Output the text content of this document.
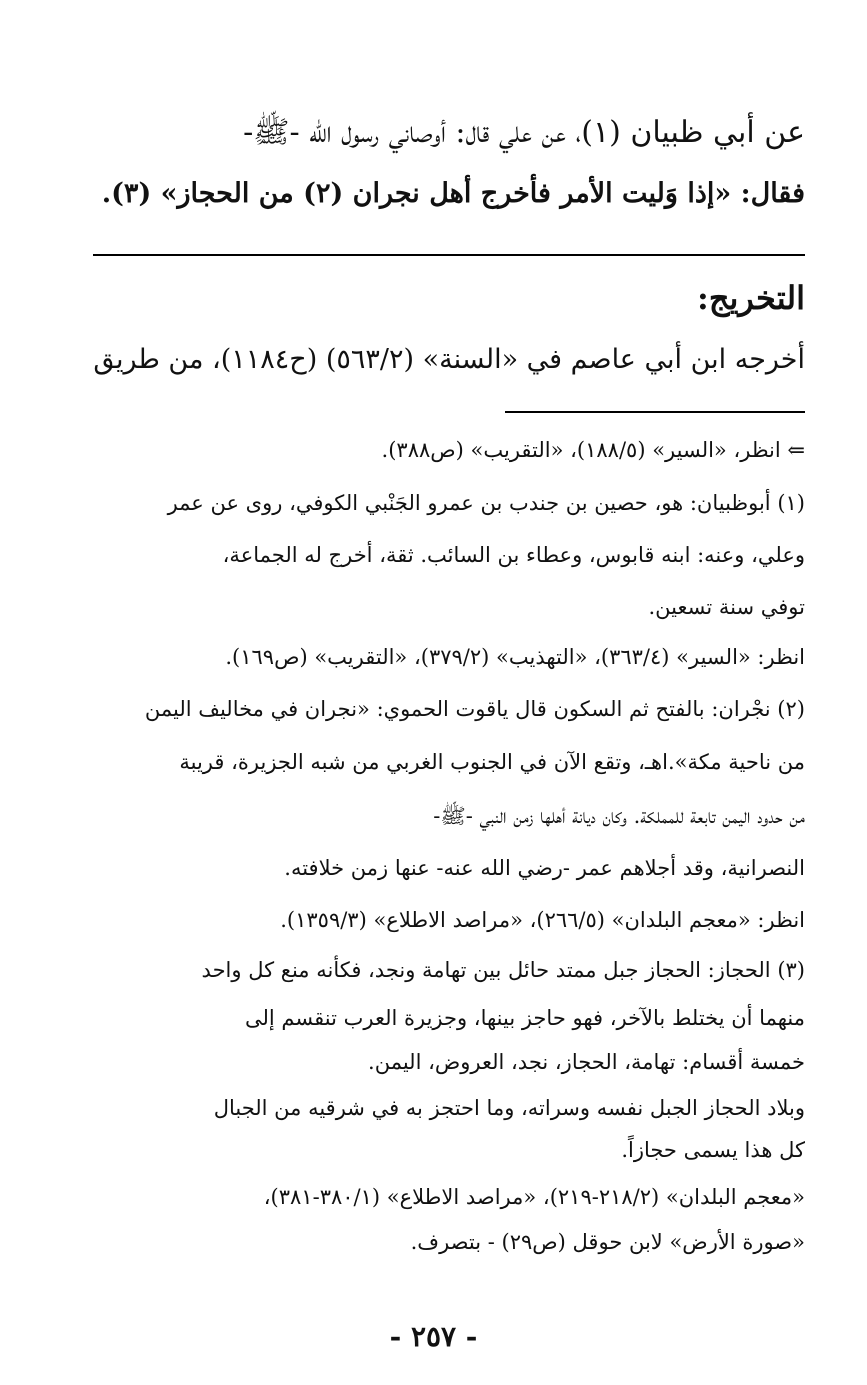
عن أبي ظبيان (١)، عن علي قال: أوصاني رسول اللّه -ﷺ-

فقال: «إذا وَليت الأمر فأخرج أهل نجران (٢) من الحجاز» (٣).

التخريج:

أخرجه ابن أبي عاصم في «السنة» (٥٦٣/٢) (ح١١٨٤)، من طريق

⇐ انظر، «السير» (١٨٨/٥)، «التقريب» (ص٣٨٨).

(١) أبوظبيان: هو، حصين بن جندب بن عمرو الجَنْبي الكوفي، روى عن عمر

وعلي، وعنه: ابنه قابوس، وعطاء بن السائب. ثقة، أخرج له الجماعة،

توفي سنة تسعين.

انظر: «السير» (٣٦٣/٤)، «التهذيب» (٣٧٩/٢)، «التقريب» (ص١٦٩).

(٢) نجْران: بالفتح ثم السكون قال ياقوت الحموي: «نجران في مخاليف اليمن

من ناحية مكة».اهـ، وتقع الآن في الجنوب الغربي من شبه الجزيرة، قريبة

من حدود اليمن تابعة للمملكة. وكان ديانة أهلها زمن النبي -ﷺ-

النصرانية، وقد أجلاهم عمر -رضي الله عنه- عنها زمن خلافته.

انظر: «معجم البلدان» (٢٦٦/٥)، «مراصد الاطلاع» (١٣٥٩/٣).

(٣) الحجاز: الحجاز جبل ممتد حائل بين تهامة ونجد، فكأنه منع كل واحد

منهما أن يختلط بالآخر، فهو حاجز بينها، وجزيرة العرب تنقسم إلى

خمسة أقسام: تهامة، الحجاز، نجد، العروض، اليمن.

وبلاد الحجاز الجبل نفسه وسراته، وما احتجز به في شرقيه من الجبال

كل هذا يسمى حجازاً.

«معجم البلدان» (٢١٨/٢-٢١٩)، «مراصد الاطلاع» (٣٨٠/١-٣٨١)،

«صورة الأرض» لابن حوقل (ص٢٩) - بتصرف.

- ٢٥٧ -
